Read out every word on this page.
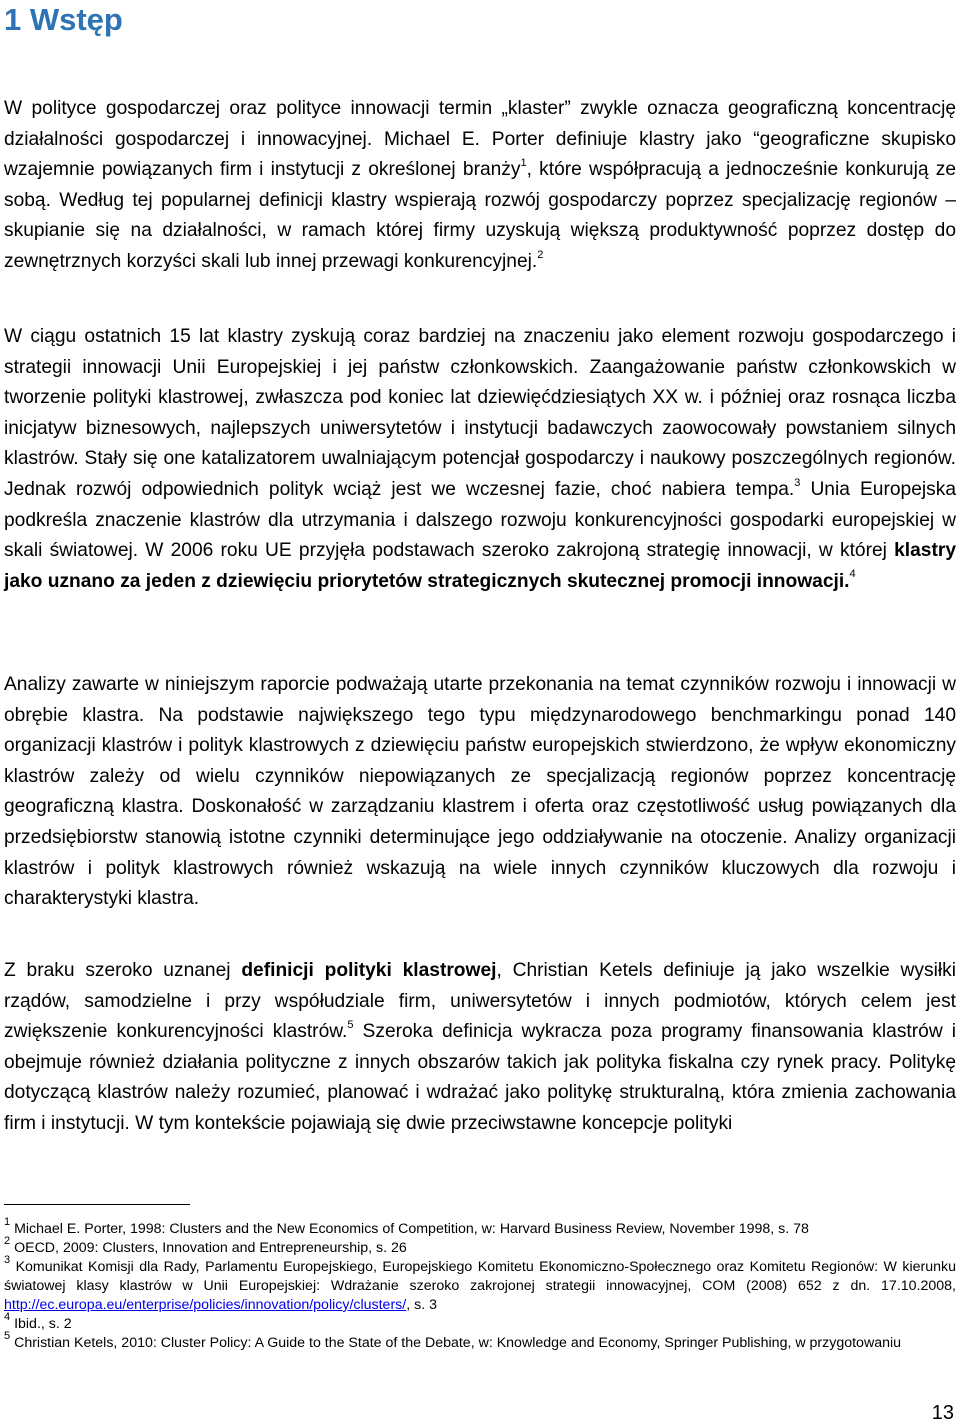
1 Wstęp

W polityce gospodarczej oraz polityce innowacji termin „klaster” zwykle oznacza geograficzną koncentrację działalności gospodarczej i innowacyjnej. Michael E. Porter definiuje klastry jako “geograficzne skupisko wzajemnie powiązanych firm i instytucji z określonej branży$^1$, które współpracują a jednocześnie konkurują ze sobą. Według tej popularnej definicji klastry wspierają rozwój gospodarczy poprzez specjalizację regionów – skupianie się na działalności, w ramach której firmy uzyskują większą produktywność poprzez dostęp do zewnętrznych korzyści skali lub innej przewagi konkurencyjnej.$^2$

W ciągu ostatnich 15 lat klastry zyskują coraz bardziej na znaczeniu jako element rozwoju gospodarczego i strategii innowacji Unii Europejskiej i jej państw członkowskich. Zaangażowanie państw członkowskich w tworzenie polityki klastrowej, zwłaszcza pod koniec lat dziewięćdziesiątych XX w. i później oraz rosnąca liczba inicjatyw biznesowych, najlepszych uniwersytetów i instytucji badawczych zaowocowały powstaniem silnych klastrów. Stały się one katalizatorem uwalniającym potencjał gospodarczy i naukowy poszczególnych regionów. Jednak rozwój odpowiednich polityk wciąż jest we wczesnej fazie, choć nabiera tempa.$^3$ Unia Europejska podkreśla znaczenie klastrów dla utrzymania i dalszego rozwoju konkurencyjności gospodarki europejskiej w skali światowej. W 2006 roku UE przyjęła podstawach szeroko zakrojoną strategię innowacji, w której klastry jako uznano za jeden z dziewięciu priorytetów strategicznych skutecznej promocji innowacji.$^4$

Analizy zawarte w niniejszym raporcie podważają utarte przekonania na temat czynników rozwoju i innowacji w obrębie klastra. Na podstawie największego tego typu międzynarodowego benchmarkingu ponad 140 organizacji klastrów i polityk klastrowych z dziewięciu państw europejskich stwierdzono, że wpływ ekonomiczny klastrów zależy od wielu czynników niepowiązanych ze specjalizacją regionów poprzez koncentrację geograficzną klastra. Doskonałość w zarządzaniu klastrem i oferta oraz częstotliwość usług powiązanych dla przedsiębiorstw stanowią istotne czynniki determinujące jego oddziaływanie na otoczenie. Analizy organizacji klastrów i polityk klastrowych również wskazują na wiele innych czynników kluczowych dla rozwoju i charakterystyki klastra.

Z braku szeroko uznanej definicji polityki klastrowej, Christian Ketels definiuje ją jako wszelkie wysiłki rządów, samodzielne i przy współudziale firm, uniwersytetów i innych podmiotów, których celem jest zwiększenie konkurencyjności klastrów.$^5$ Szeroka definicja wykracza poza programy finansowania klastrów i obejmuje również działania polityczne z innych obszarów takich jak polityka fiskalna czy rynek pracy. Politykę dotyczącą klastrów należy rozumieć, planować i wdrażać jako politykę strukturalną, która zmienia zachowania firm i instytucji. W tym kontekście pojawiają się dwie przeciwstawne koncepcje polityki

$^1$ Michael E. Porter, 1998: Clusters and the New Economics of Competition, w: Harvard Business Review, November 1998, s. 78

$^2$ OECD, 2009: Clusters, Innovation and Entrepreneurship, s. 26

$^3$ Komunikat Komisji dla Rady, Parlamentu Europejskiego, Europejskiego Komitetu Ekonomiczno-Społecznego oraz Komitetu Regionów: W kierunku światowej klasy klastrów w Unii Europejskiej: Wdrażanie szeroko zakrojonej strategii innowacyjnej, COM (2008) 652 z dn. 17.10.2008, http://ec.europa.eu/enterprise/policies/innovation/policy/clusters/, s. 3

$^4$ Ibid., s. 2

$^5$ Christian Ketels, 2010: Cluster Policy: A Guide to the State of the Debate, w: Knowledge and Economy, Springer Publishing, w przygotowaniu

13
